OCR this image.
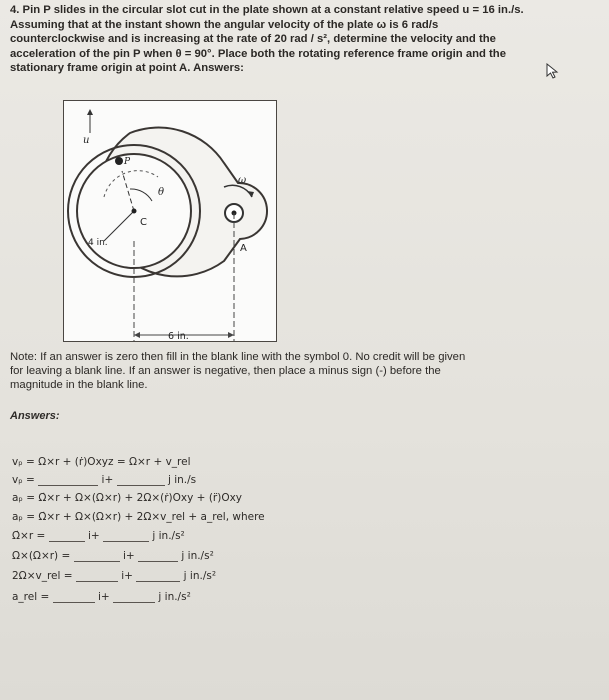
4. Pin P slides in the circular slot cut in the plate shown at a constant relative speed u = 16 in./s.
Assuming that at the instant shown the angular velocity of the plate ω is 6 rad/s
counterclockwise and is increasing at the rate of 20 rad / s², determine the velocity and the
acceleration of the pin P when θ = 90°. Place both the rotating reference frame origin and the
stationary frame origin at point A. Answers:
u
P
θ
C
ω
4 in.	A
6 in.
Note: If an answer is zero then fill in the blank line with the symbol 0. No credit will be given
for leaving a blank line. If an answer is negative, then place a minus sign (-) before the
magnitude in the blank line.
Answers:
vₚ = Ω×r + (ṙ)Oxyz = Ω×r + v_rel
vₚ =	i+	j in./s
aₚ = Ω̇×r + Ω×(Ω×r) + 2Ω×(ṙ)Oxy + (r̈)Oxy
aₚ = Ω̇×r + Ω×(Ω×r) + 2Ω×v_rel + a_rel, where
Ω̇×r =	i+	j in./s²
Ω×(Ω×r) =	i+	j in./s²
2Ω×v_rel =	i+	j in./s²
a_rel =	i+	j in./s²
